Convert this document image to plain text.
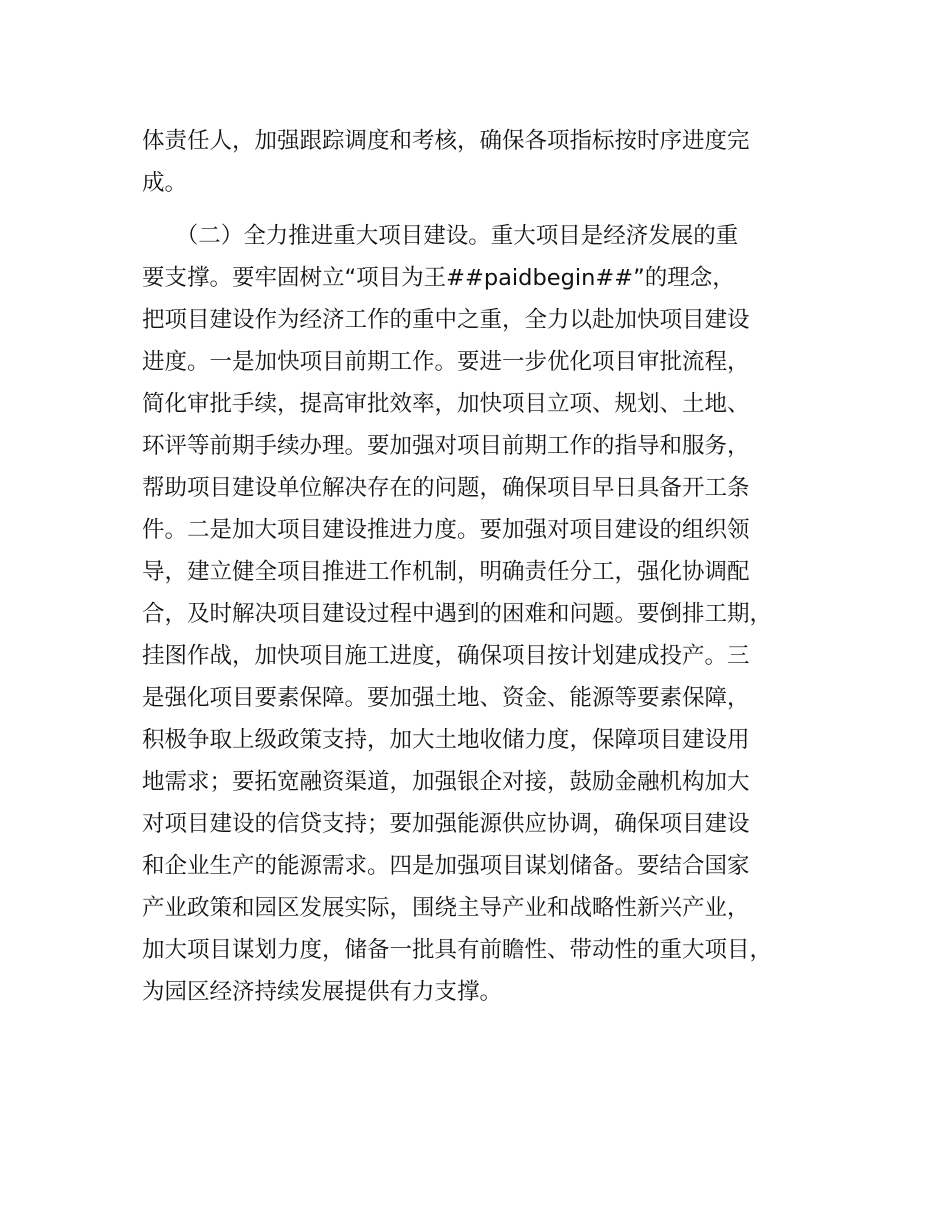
体责任人，加强跟踪调度和考核，确保各项指标按时序进度完
成。
　　（二）全力推进重大项目建设。重大项目是经济发展的重
要支撑。要牢固树立“项目为王##paidbegin##”的理念，
把项目建设作为经济工作的重中之重，全力以赴加快项目建设
进度。一是加快项目前期工作。要进一步优化项目审批流程，
简化审批手续，提高审批效率，加快项目立项、规划、土地、
环评等前期手续办理。要加强对项目前期工作的指导和服务，
帮助项目建设单位解决存在的问题，确保项目早日具备开工条
件。二是加大项目建设推进力度。要加强对项目建设的组织领
导，建立健全项目推进工作机制，明确责任分工，强化协调配
合，及时解决项目建设过程中遇到的困难和问题。要倒排工期，
挂图作战，加快项目施工进度，确保项目按计划建成投产。三
是强化项目要素保障。要加强土地、资金、能源等要素保障，
积极争取上级政策支持，加大土地收储力度，保障项目建设用
地需求；要拓宽融资渠道，加强银企对接，鼓励金融机构加大
对项目建设的信贷支持；要加强能源供应协调，确保项目建设
和企业生产的能源需求。四是加强项目谋划储备。要结合国家
产业政策和园区发展实际，围绕主导产业和战略性新兴产业，
加大项目谋划力度，储备一批具有前瞻性、带动性的重大项目，
为园区经济持续发展提供有力支撑。
